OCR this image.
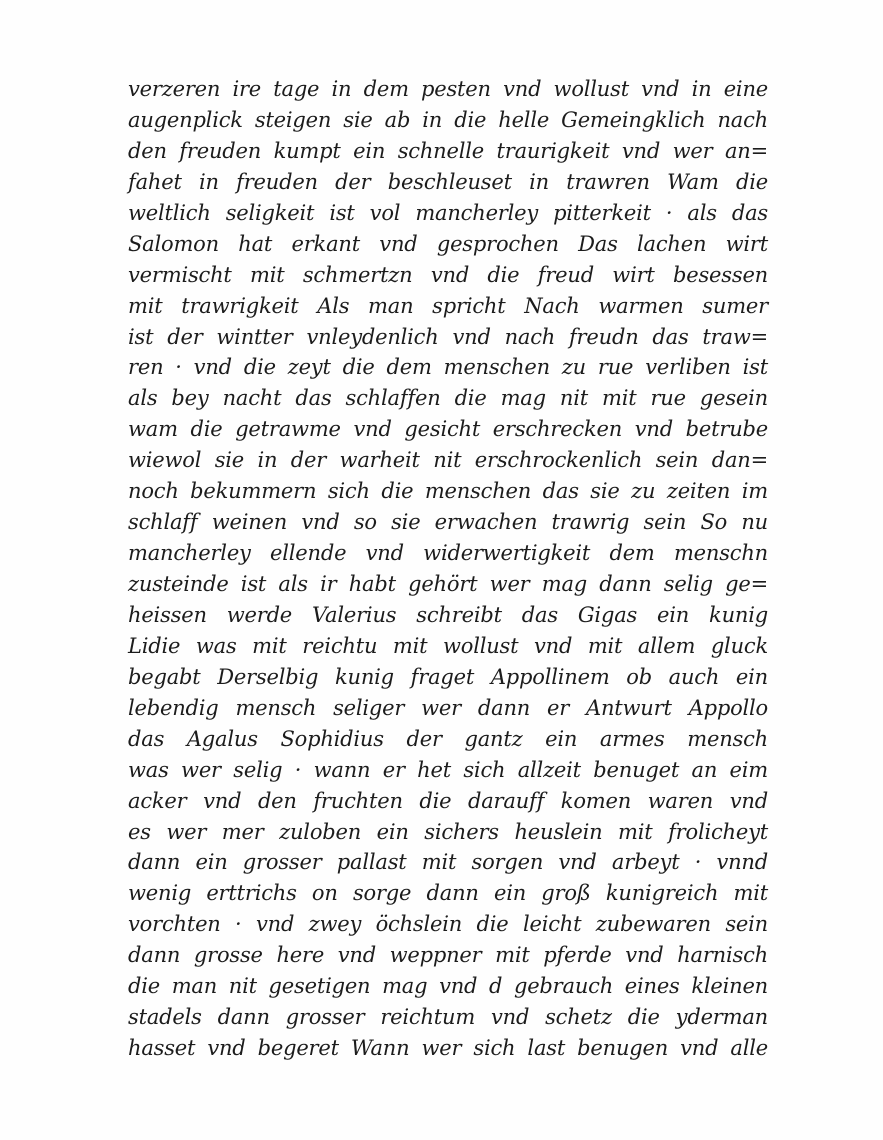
verzeren ire tage in dem pesten vnd wollust vnd in eine
augenplick steigen sie ab in die helle Gemeingklich nach
den freuden kumpt ein schnelle traurigkeit vnd wer an=
fahet in freuden der beschleuset in trawren Wam die
weltlich seligkeit ist vol mancherley pitterkeit · als das
Salomon hat erkant vnd gesprochen Das lachen wirt
vermischt mit schmertzn vnd die freud wirt besessen
mit trawrigkeit Als man spricht Nach warmen sumer
ist der wintter vnleydenlich vnd nach freudn das traw=
ren · vnd die zeyt die dem menschen zu rue verliben ist
als bey nacht das schlaffen die mag nit mit rue gesein
wam die getrawme vnd gesicht erschrecken vnd betrube
wiewol sie in der warheit nit erschrockenlich sein dan=
noch bekummern sich die menschen das sie zu zeiten im
schlaff weinen vnd so sie erwachen trawrig sein So nu
mancherley ellende vnd widerwertigkeit dem menschn
zusteinde ist als ir habt gehört wer mag dann selig ge=
heissen werde Valerius schreibt das Gigas ein kunig
Lidie was mit reichtu mit wollust vnd mit allem gluck
begabt Derselbig kunig fraget Appollinem ob auch ein
lebendig mensch seliger wer dann er Antwurt Appollo
das Agalus Sophidius der gantz ein armes mensch
was wer selig · wann er het sich allzeit benuget an eim
acker vnd den fruchten die darauff komen waren vnd
es wer mer zuloben ein sichers heuslein mit frolicheyt
dann ein grosser pallast mit sorgen vnd arbeyt · vnnd
wenig erttrichs on sorge dann ein groß kunigreich mit
vorchten · vnd zwey öchslein die leicht zubewaren sein
dann grosse here vnd weppner mit pferde vnd harnisch
die man nit gesetigen mag vnd d gebrauch eines kleinen
stadels dann grosser reichtum vnd schetz die yderman
hasset vnd begeret Wann wer sich last benugen vnd alle
